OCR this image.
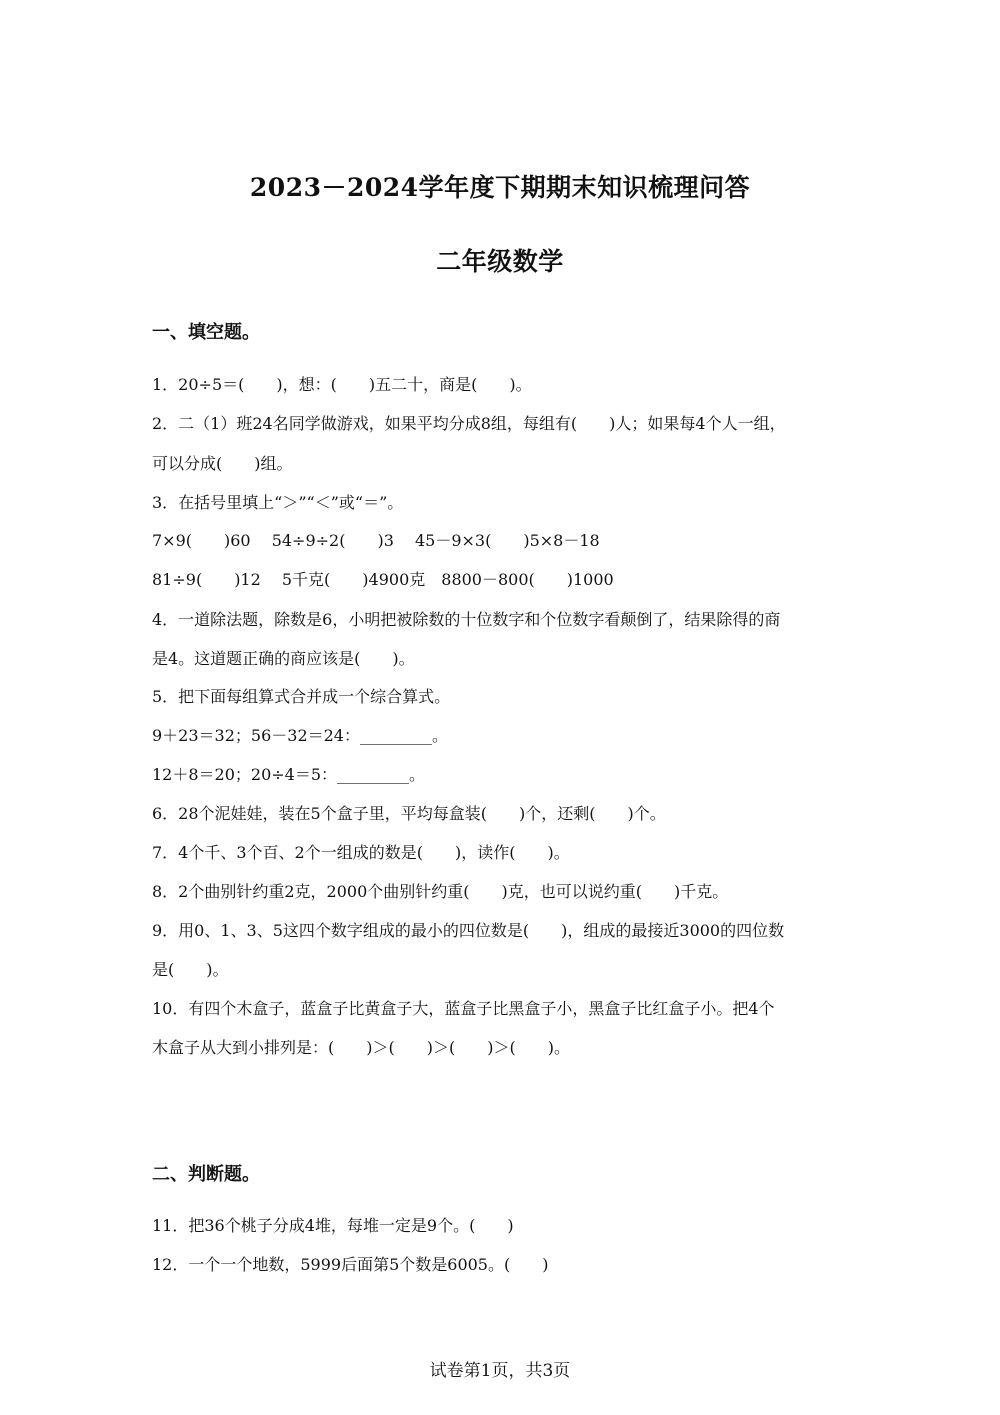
2023－2024学年度下期期末知识梳理问答
二年级数学
一、填空题。
1．20÷5＝(　　)，想：(　　)五二十，商是(　　)。
2．二（1）班24名同学做游戏，如果平均分成8组，每组有(　　)人；如果每4个人一组，
可以分成(　　)组。
3．在括号里填上“＞”“＜”或“＝”。
7×9(　　)60　 54÷9÷2(　　)3　 45－9×3(　　)5×8－18
81÷9(　　)12　 5千克(　　)4900克　8800－800(　　)1000
4．一道除法题，除数是6，小明把被除数的十位数字和个位数字看颠倒了，结果除得的商
是4。这道题正确的商应该是(　　)。
5．把下面每组算式合并成一个综合算式。
9＋23＝32；56－32＝24：_________。
12＋8＝20；20÷4＝5：_________。
6．28个泥娃娃，装在5个盒子里，平均每盒装(　　)个，还剩(　　)个。
7．4个千、3个百、2个一组成的数是(　　)，读作(　　)。
8．2个曲别针约重2克，2000个曲别针约重(　　)克，也可以说约重(　　)千克。
9．用0、1、3、5这四个数字组成的最小的四位数是(　　)，组成的最接近3000的四位数
是(　　)。
10．有四个木盒子，蓝盒子比黄盒子大，蓝盒子比黑盒子小，黑盒子比红盒子小。把4个
木盒子从大到小排列是：(　　)＞(　　)＞(　　)＞(　　)。
二、判断题。
11．把36个桃子分成4堆，每堆一定是9个。(　　)
12．一个一个地数，5999后面第5个数是6005。(　　)
试卷第1页，共3页
